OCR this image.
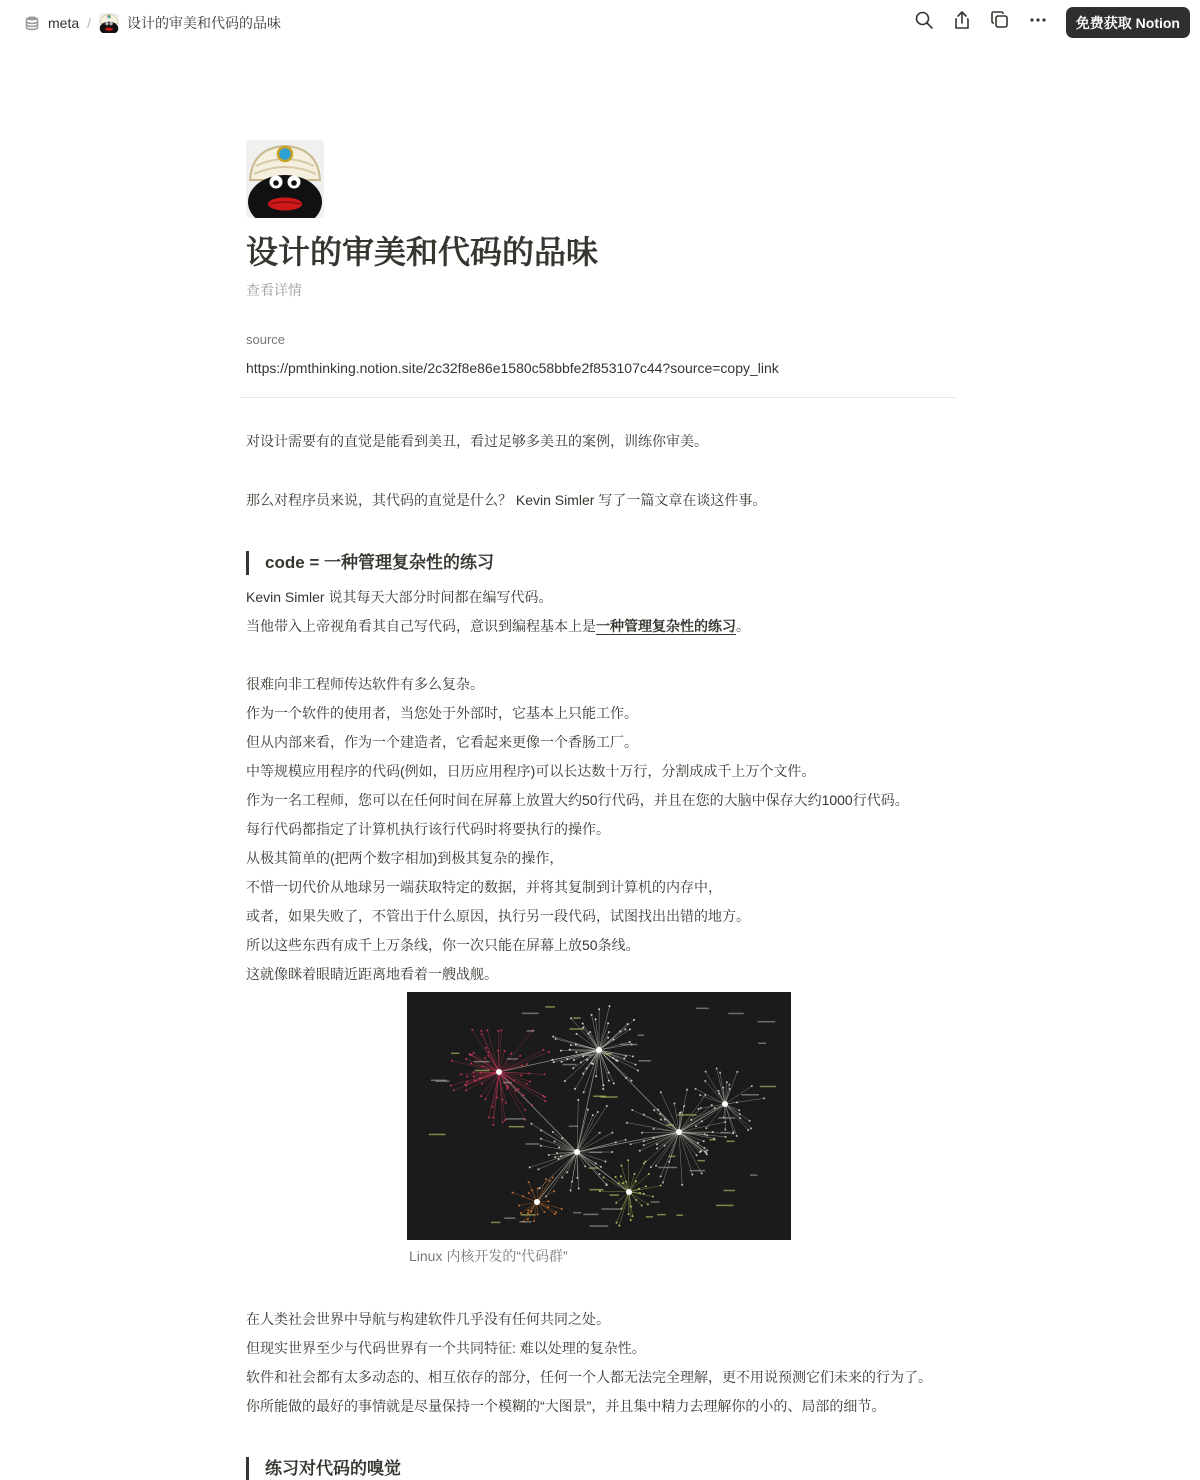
meta /	设计的审美和代码的品味	免费获取 Notion
设计的审美和代码的品味
查看详情
source
https://pmthinking.notion.site/2c32f8e86e1580c58bbfe2f853107c44?source=copy_link
对设计需要有的直觉是能看到美丑，看过足够多美丑的案例，训练你审美。
那么对程序员来说，其代码的直觉是什么？ Kevin Simler 写了一篇文章在谈这件事。
code = 一种管理复杂性的练习
Kevin Simler 说其每天大部分时间都在编写代码。
当他带入上帝视角看其自己写代码，意识到编程基本上是一种管理复杂性的练习。
很难向非工程师传达软件有多么复杂。
作为一个软件的使用者，当您处于外部时，它基本上只能工作。
但从内部来看，作为一个建造者，它看起来更像一个香肠工厂。
中等规模应用程序的代码(例如，日历应用程序)可以长达数十万行，分割成成千上万个文件。
作为一名工程师，您可以在任何时间在屏幕上放置大约50行代码，并且在您的大脑中保存大约1000行代码。
每行代码都指定了计算机执行该行代码时将要执行的操作。
从极其简单的(把两个数字相加)到极其复杂的操作，
不惜一切代价从地球另一端获取特定的数据，并将其复制到计算机的内存中，
或者，如果失败了，不管出于什么原因，执行另一段代码，试图找出出错的地方。
所以这些东西有成千上万条线，你一次只能在屏幕上放50条线。
这就像眯着眼睛近距离地看着一艘战舰。
Linux 内核开发的“代码群”
在人类社会世界中导航与构建软件几乎没有任何共同之处。
但现实世界至少与代码世界有一个共同特征: 难以处理的复杂性。
软件和社会都有太多动态的、相互依存的部分，任何一个人都无法完全理解，更不用说预测它们未来的行为了。
你所能做的最好的事情就是尽量保持一个模糊的“大图景”，并且集中精力去理解你的小的、局部的细节。
练习对代码的嗅觉
